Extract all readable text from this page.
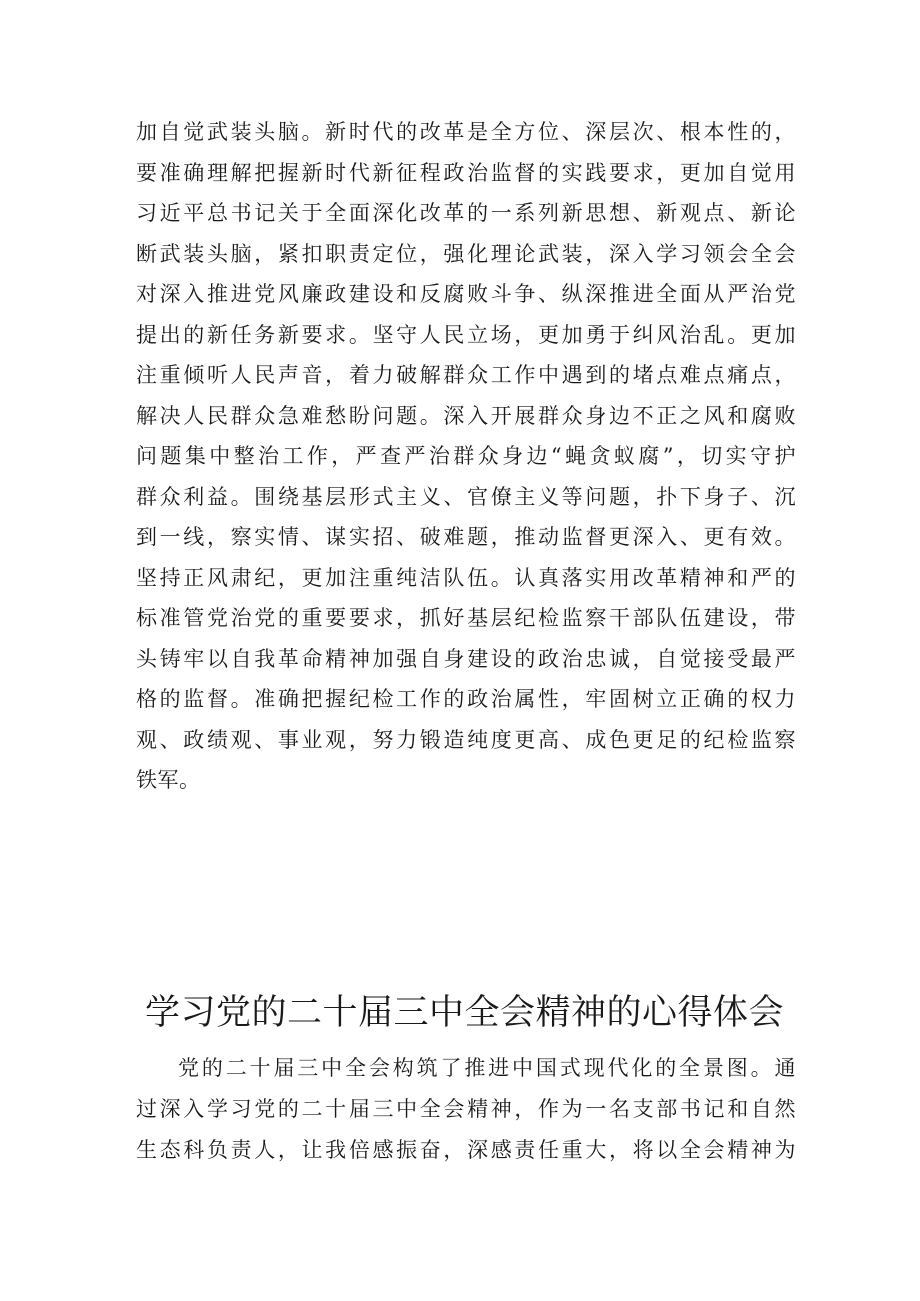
加自觉武装头脑。新时代的改革是全方位、深层次、根本性的，
要准确理解把握新时代新征程政治监督的实践要求，更加自觉用
习近平总书记关于全面深化改革的一系列新思想、新观点、新论
断武装头脑，紧扣职责定位，强化理论武装，深入学习领会全会
对深入推进党风廉政建设和反腐败斗争、纵深推进全面从严治党
提出的新任务新要求。坚守人民立场，更加勇于纠风治乱。更加
注重倾听人民声音，着力破解群众工作中遇到的堵点难点痛点，
解决人民群众急难愁盼问题。深入开展群众身边不正之风和腐败
问题集中整治工作，严查严治群众身边“蝇贪蚁腐”，切实守护
群众利益。围绕基层形式主义、官僚主义等问题，扑下身子、沉
到一线，察实情、谋实招、破难题，推动监督更深入、更有效。
坚持正风肃纪，更加注重纯洁队伍。认真落实用改革精神和严的
标准管党治党的重要要求，抓好基层纪检监察干部队伍建设，带
头铸牢以自我革命精神加强自身建设的政治忠诚，自觉接受最严
格的监督。准确把握纪检工作的政治属性，牢固树立正确的权力
观、政绩观、事业观，努力锻造纯度更高、成色更足的纪检监察
铁军。
学习党的二十届三中全会精神的心得体会
党的二十届三中全会构筑了推进中国式现代化的全景图。通
过深入学习党的二十届三中全会精神，作为一名支部书记和自然
生态科负责人，让我倍感振奋，深感责任重大，将以全会精神为
